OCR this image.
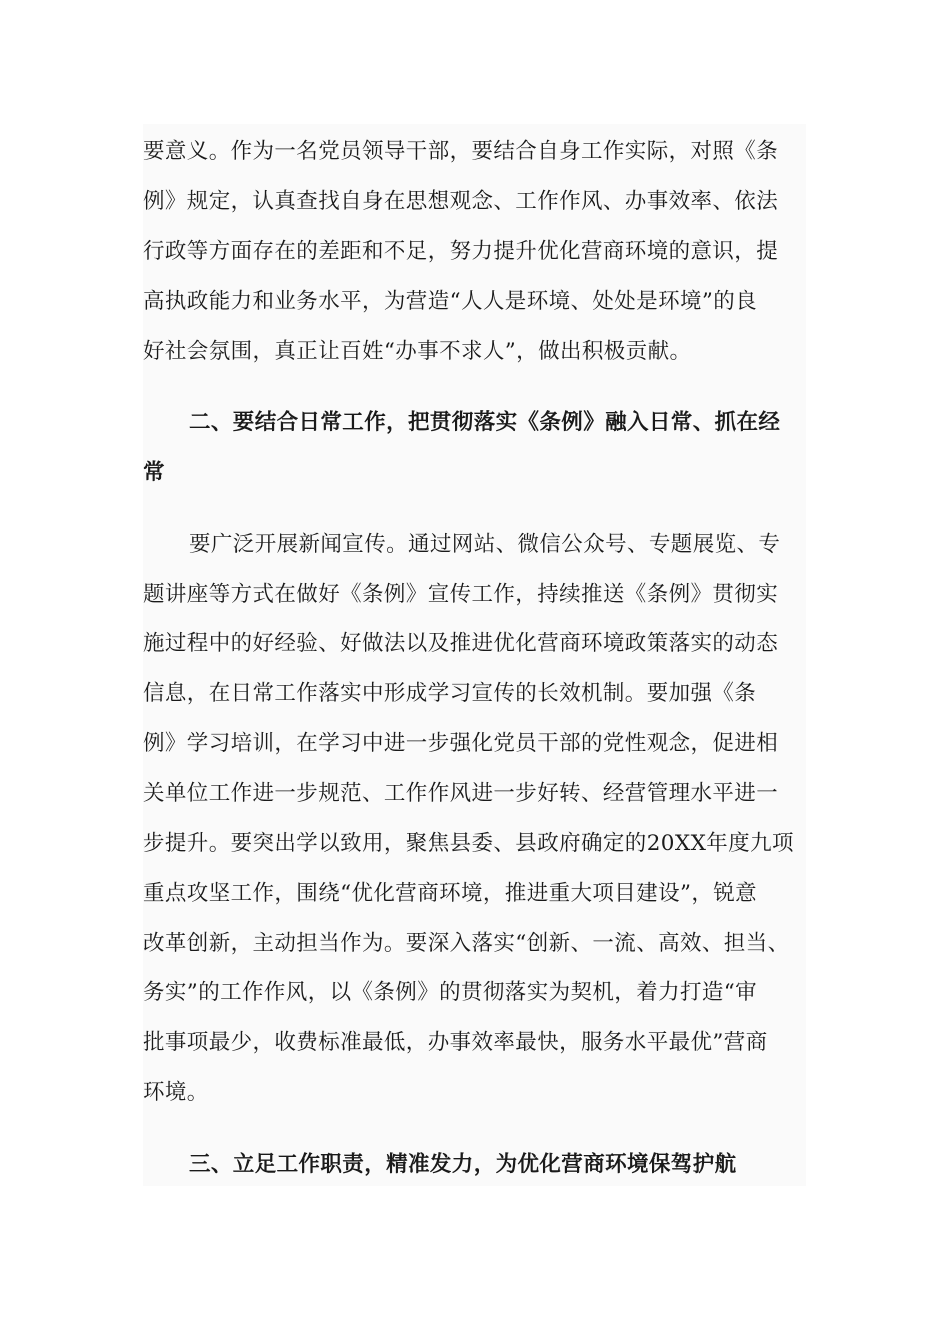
要意义。作为一名党员领导干部，要结合自身工作实际，对照《条
例》规定，认真查找自身在思想观念、工作作风、办事效率、依法
行政等方面存在的差距和不足，努力提升优化营商环境的意识，提
高执政能力和业务水平，为营造“人人是环境、处处是环境”的良
好社会氛围，真正让百姓“办事不求人”，做出积极贡献。
二、要结合日常工作，把贯彻落实《条例》融入日常、抓在经
常
要广泛开展新闻宣传。通过网站、微信公众号、专题展览、专
题讲座等方式在做好《条例》宣传工作，持续推送《条例》贯彻实
施过程中的好经验、好做法以及推进优化营商环境政策落实的动态
信息，在日常工作落实中形成学习宣传的长效机制。要加强《条
例》学习培训，在学习中进一步强化党员干部的党性观念，促进相
关单位工作进一步规范、工作作风进一步好转、经营管理水平进一
步提升。要突出学以致用，聚焦县委、县政府确定的20XX年度九项
重点攻坚工作，围绕“优化营商环境，推进重大项目建设”，锐意
改革创新，主动担当作为。要深入落实“创新、一流、高效、担当、
务实”的工作作风，以《条例》的贯彻落实为契机，着力打造“审
批事项最少，收费标准最低，办事效率最快，服务水平最优”营商
环境。
三、立足工作职责，精准发力，为优化营商环境保驾护航
